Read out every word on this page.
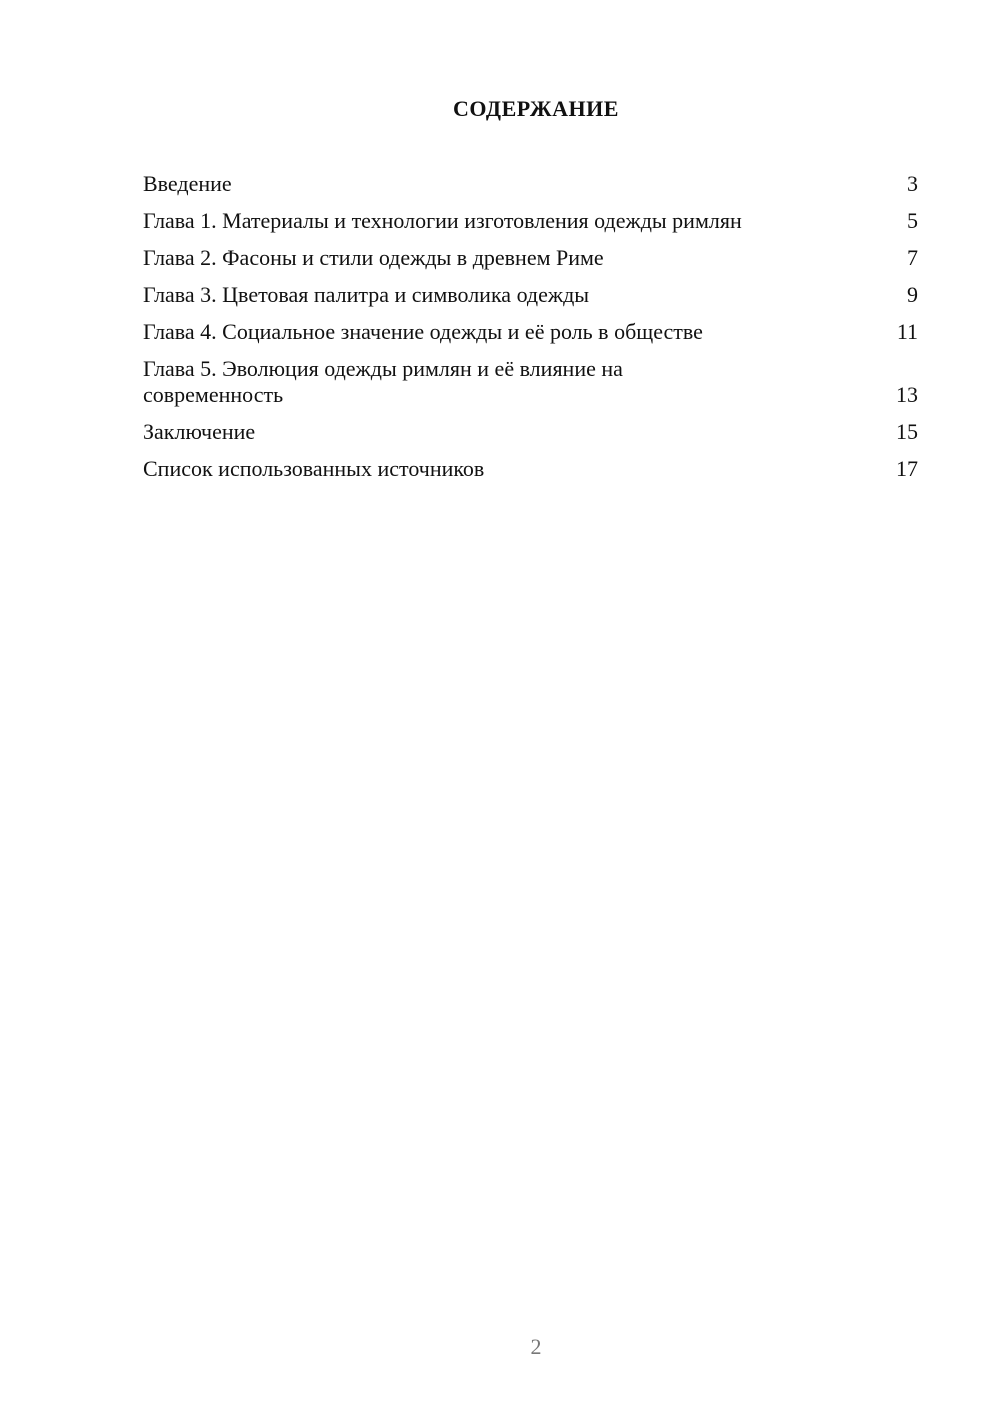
СОДЕРЖАНИЕ
Введение	3
Глава 1. Материалы и технологии изготовления одежды римлян	5
Глава 2. Фасоны и стили одежды в древнем Риме	7
Глава 3. Цветовая палитра и символика одежды	9
Глава 4. Социальное значение одежды и её роль в обществе	11
Глава 5. Эволюция одежды римлян и её влияние на современность	13
Заключение	15
Список использованных источников	17

2
